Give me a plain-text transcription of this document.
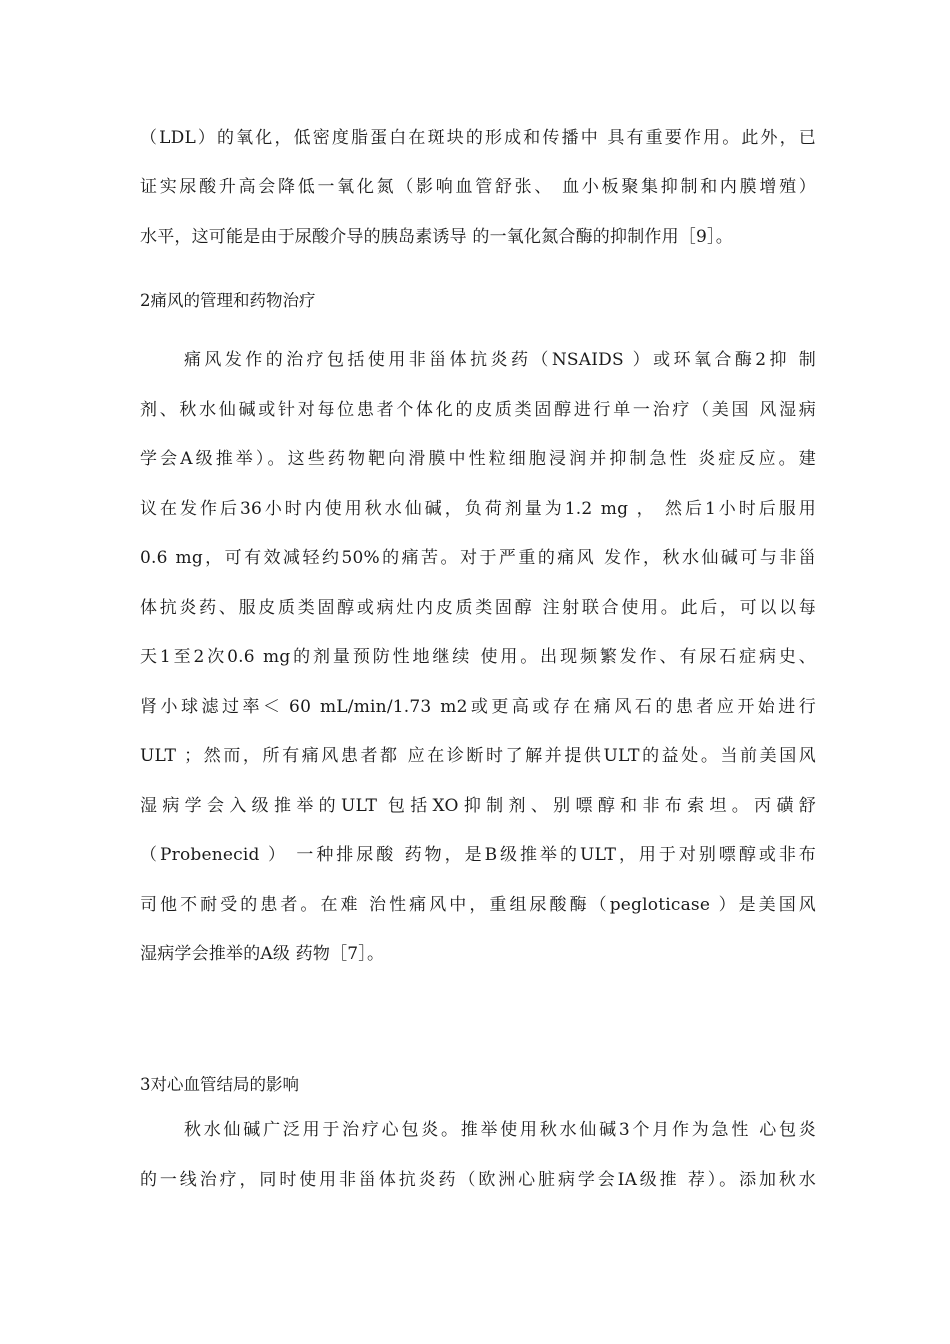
（LDL）的氧化，低密度脂蛋白在斑块的形成和传播中 具有重要作用。此外，已
证实尿酸升高会降低一氧化氮（影响血管舒张、 血小板聚集抑制和内膜增殖）
水平，这可能是由于尿酸介导的胰岛素诱导 的一氧化氮合酶的抑制作用［9］。
2痛风的管理和药物治疗
痛风发作的治疗包括使用非甾体抗炎药（NSAIDS ）或环氧合酶2抑 制
剂、秋水仙碱或针对每位患者个体化的皮质类固醇进行单一治疗（美国 风湿病
学会A级推举）。这些药物靶向滑膜中性粒细胞浸润并抑制急性 炎症反应。建
议在发作后36小时内使用秋水仙碱，负荷剂量为1.2 mg ， 然后1小时后服用
0.6 mg，可有效减轻约50%的痛苦。对于严重的痛风 发作，秋水仙碱可与非甾
体抗炎药、服皮质类固醇或病灶内皮质类固醇 注射联合使用。此后，可以以每
天1至2次0.6 mg的剂量预防性地继续 使用。出现频繁发作、有尿石症病史、
肾小球滤过率＜ 60 mL/min/1.73 m2或更高或存在痛风石的患者应开始进行
ULT ；然而，所有痛风患者都 应在诊断时了解并提供ULT的益处。当前美国风
湿病学会入级推举的ULT 包括XO抑制剂、别嘌醇和非布索坦。丙磺舒
（Probenecid ） 一种排尿酸 药物，是B级推举的ULT，用于对别嘌醇或非布
司他不耐受的患者。在难 治性痛风中，重组尿酸酶（pegloticase ）是美国风
湿病学会推举的A级 药物［7］。
3对心血管结局的影响
秋水仙碱广泛用于治疗心包炎。推举使用秋水仙碱3个月作为急性 心包炎
的一线治疗，同时使用非甾体抗炎药（欧洲心脏病学会IA级推 荐）。添加秋水
